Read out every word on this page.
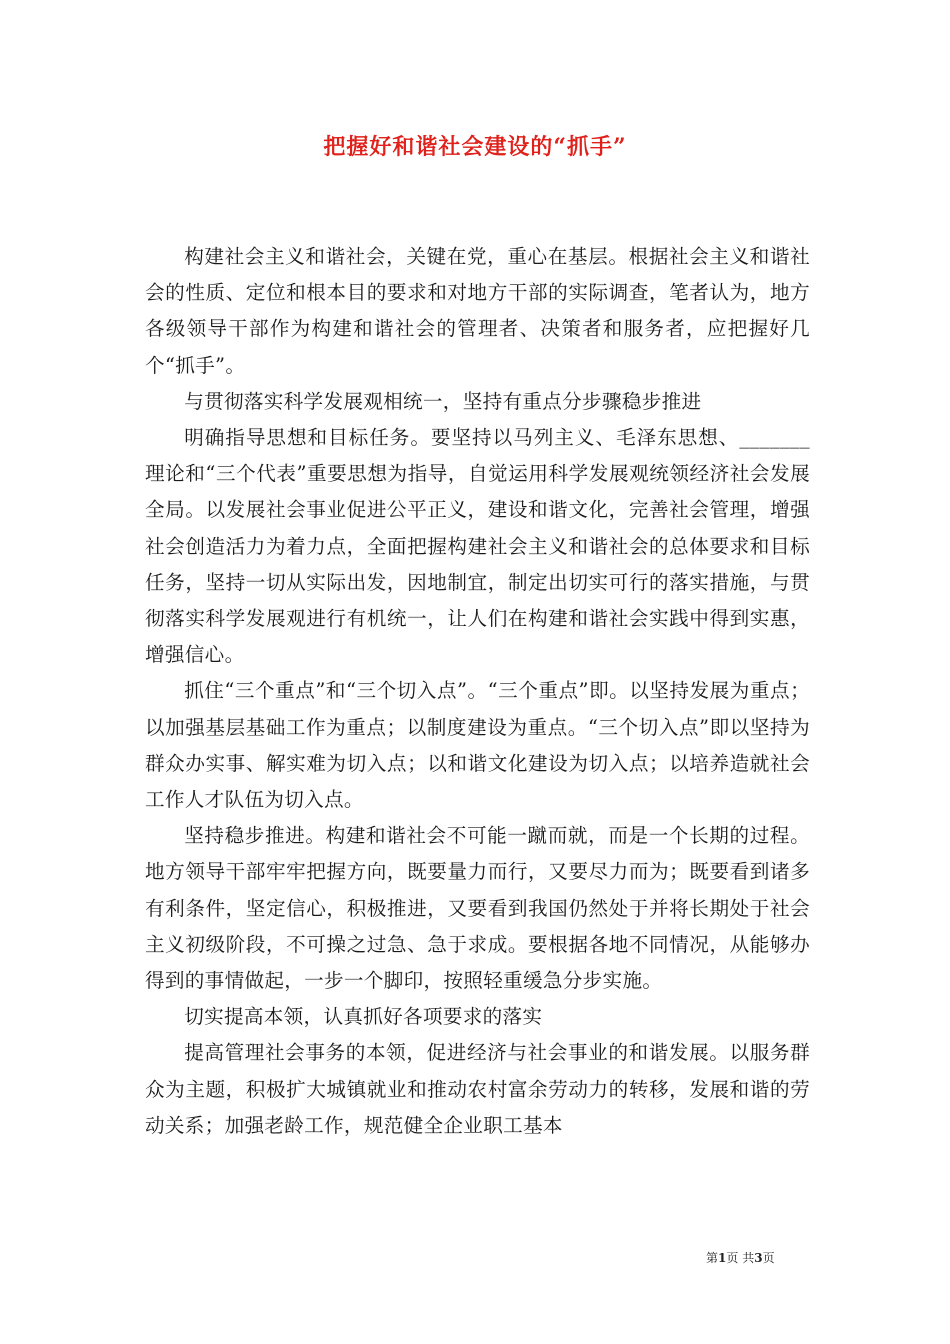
把握好和谐社会建设的“抓手”

构建社会主义和谐社会，关键在党，重心在基层。根据社会主义和谐社会的性质、定位和根本目的要求和对地方干部的实际调查，笔者认为，地方各级领导干部作为构建和谐社会的管理者、决策者和服务者，应把握好几个“抓手”。

与贯彻落实科学发展观相统一，坚持有重点分步骤稳步推进

明确指导思想和目标任务。要坚持以马列主义、毛泽东思想、_______理论和“三个代表”重要思想为指导，自觉运用科学发展观统领经济社会发展全局。以发展社会事业促进公平正义，建设和谐文化，完善社会管理，增强社会创造活力为着力点，全面把握构建社会主义和谐社会的总体要求和目标任务，坚持一切从实际出发，因地制宜，制定出切实可行的落实措施，与贯彻落实科学发展观进行有机统一，让人们在构建和谐社会实践中得到实惠，增强信心。

抓住“三个重点”和“三个切入点”。“三个重点”即。以坚持发展为重点；以加强基层基础工作为重点；以制度建设为重点。“三个切入点”即以坚持为群众办实事、解实难为切入点；以和谐文化建设为切入点；以培养造就社会工作人才队伍为切入点。

坚持稳步推进。构建和谐社会不可能一蹴而就，而是一个长期的过程。地方领导干部牢牢把握方向，既要量力而行，又要尽力而为；既要看到诸多有利条件，坚定信心，积极推进，又要看到我国仍然处于并将长期处于社会主义初级阶段，不可操之过急、急于求成。要根据各地不同情况，从能够办得到的事情做起，一步一个脚印，按照轻重缓急分步实施。

切实提高本领，认真抓好各项要求的落实

提高管理社会事务的本领，促进经济与社会事业的和谐发展。以服务群众为主题，积极扩大城镇就业和推动农村富余劳动力的转移，发展和谐的劳动关系；加强老龄工作，规范健全企业职工基本

第1页 共3页
